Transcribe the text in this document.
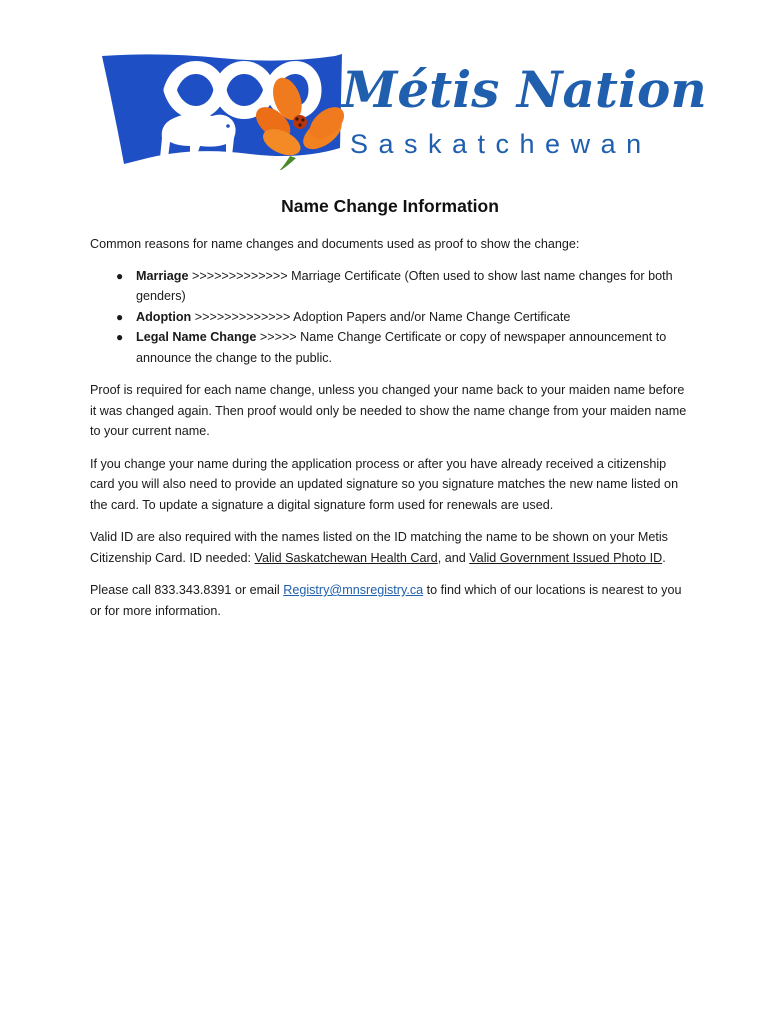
Métis Nation
Saskatchewan
Name Change Information

Common reasons for name changes and documents used as proof to show the change:

● Marriage >>>>>>>>>>>>> Marriage Certificate (Often used to show last name changes for both genders)
● Adoption >>>>>>>>>>>>> Adoption Papers and/or Name Change Certificate
● Legal Name Change >>>>> Name Change Certificate or copy of newspaper announcement to announce the change to the public.

Proof is required for each name change, unless you changed your name back to your maiden name before it was changed again. Then proof would only be needed to show the name change from your maiden name to your current name.

If you change your name during the application process or after you have already received a citizenship card you will also need to provide an updated signature so you signature matches the new name listed on the card. To update a signature a digital signature form used for renewals are used.

Valid ID are also required with the names listed on the ID matching the name to be shown on your Metis Citizenship Card. ID needed: Valid Saskatchewan Health Card, and Valid Government Issued Photo ID.

Please call 833.343.8391 or email Registry@mnsregistry.ca to find which of our locations is nearest to you or for more information.
